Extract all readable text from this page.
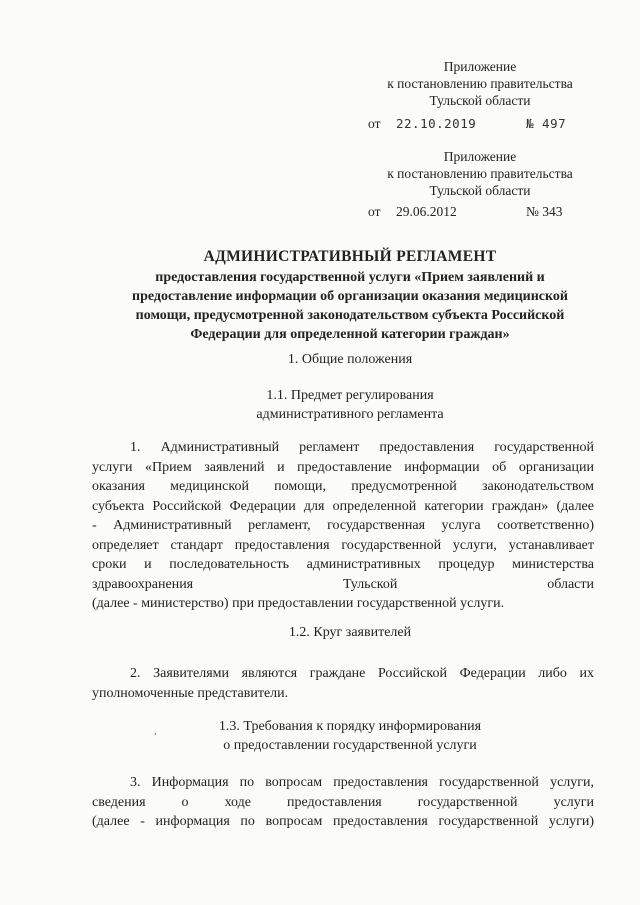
Приложение
к постановлению правительства
Тульской области
от 22.10.2019	№ 497
Приложение
к постановлению правительства
Тульской области
от 29.06.2012	№ 343
АДМИНИСТРАТИВНЫЙ РЕГЛАМЕНТ
предоставления государственной услуги «Прием заявлений и
предоставление информации об организации оказания медицинской
помощи, предусмотренной законодательством субъекта Российской
Федерации для определенной категории граждан»
1. Общие положения
1.1. Предмет регулирования
административного регламента
1. Административный регламент предоставления государственной
услуги «Прием заявлений и предоставление информации об организации
оказания медицинской помощи, предусмотренной законодательством
субъекта Российской Федерации для определенной категории граждан» (далее
- Административный регламент, государственная услуга соответственно)
определяет стандарт предоставления государственной услуги, устанавливает
сроки и последовательность административных процедур министерства
здравоохранения Тульской области
(далее - министерство) при предоставлении государственной услуги.
1.2. Круг заявителей
2. Заявителями являются граждане Российской Федерации либо их
уполномоченные представители.
,	1.3. Требования к порядку информирования
о предоставлении государственной услуги
3. Информация по вопросам предоставления государственной услуги,
сведения о ходе предоставления государственной услуги
(далее - информация по вопросам предоставления государственной услуги)
